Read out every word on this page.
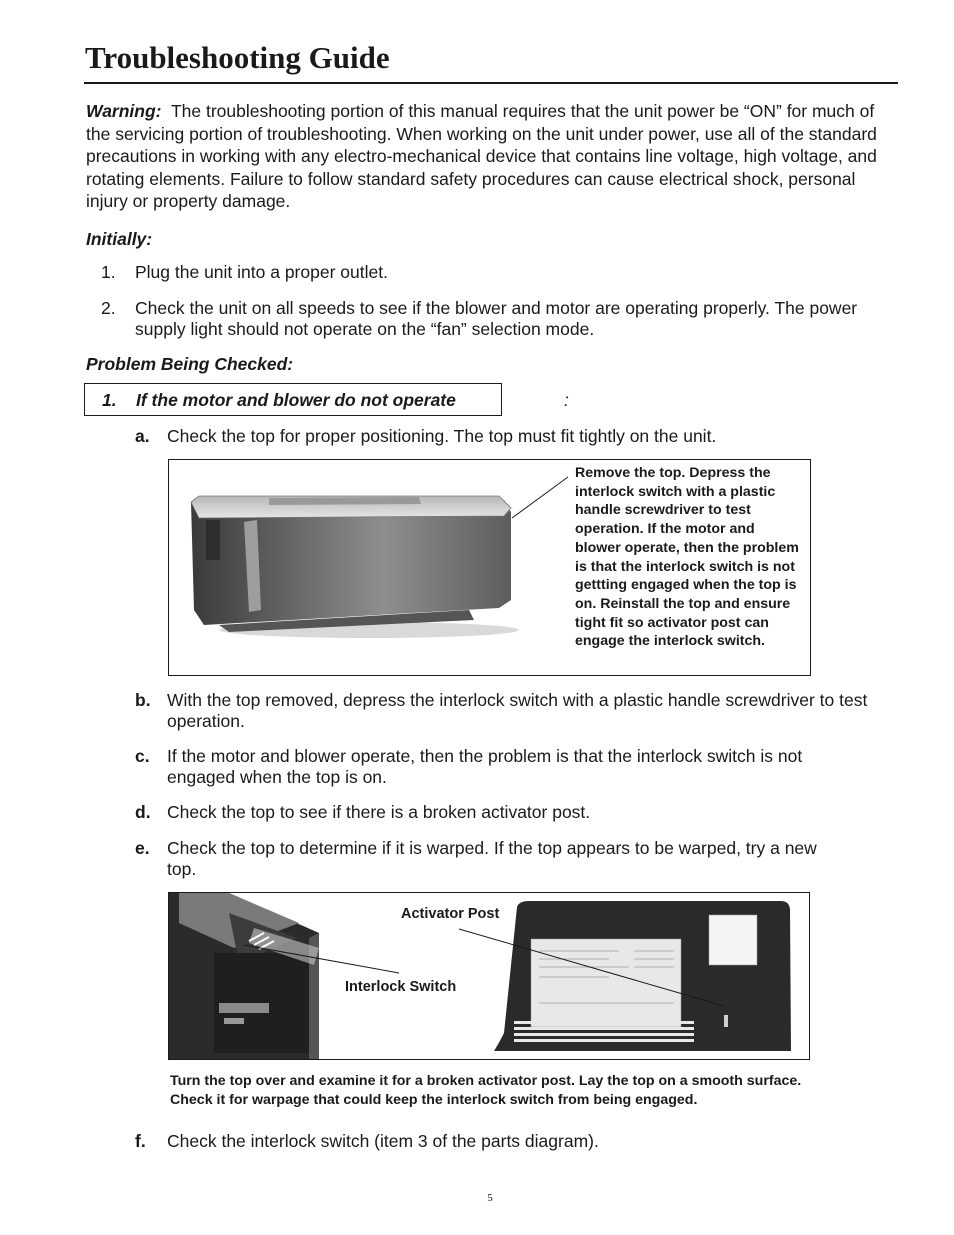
Troubleshooting Guide
Warning: The troubleshooting portion of this manual requires that the unit power be “ON” for much of the servicing portion of troubleshooting. When working on the unit under power, use all of the standard precautions in working with any electro-mechanical device that contains line voltage, high voltage, and rotating elements. Failure to follow standard safety procedures can cause electrical shock, personal injury or property damage.
Initially:
1. Plug the unit into a proper outlet.
2. Check the unit on all speeds to see if the blower and motor are operating properly. The power supply light should not operate on the “fan” selection mode.
Problem Being Checked:
1. If the motor and blower do not operate	:
a. Check the top for proper positioning. The top must fit tightly on the unit.
Remove the top. Depress the interlock switch with a plastic handle screwdriver to test operation. If the motor and blower operate, then the problem is that the interlock switch is not gettting engaged when the top is on. Reinstall the top and ensure tight fit so activator post can engage the interlock switch.
b. With the top removed, depress the interlock switch with a plastic handle screwdriver to test operation.
c. If the motor and blower operate, then the problem is that the interlock switch is not engaged when the top is on.
d. Check the top to see if there is a broken activator post.
e. Check the top to determine if it is warped. If the top appears to be warped, try a new top.
Activator Post
Interlock Switch
Turn the top over and examine it for a broken activator post. Lay the top on a smooth surface. Check it for warpage that could keep the interlock switch from being engaged.
f. Check the interlock switch (item 3 of the parts diagram).
5
